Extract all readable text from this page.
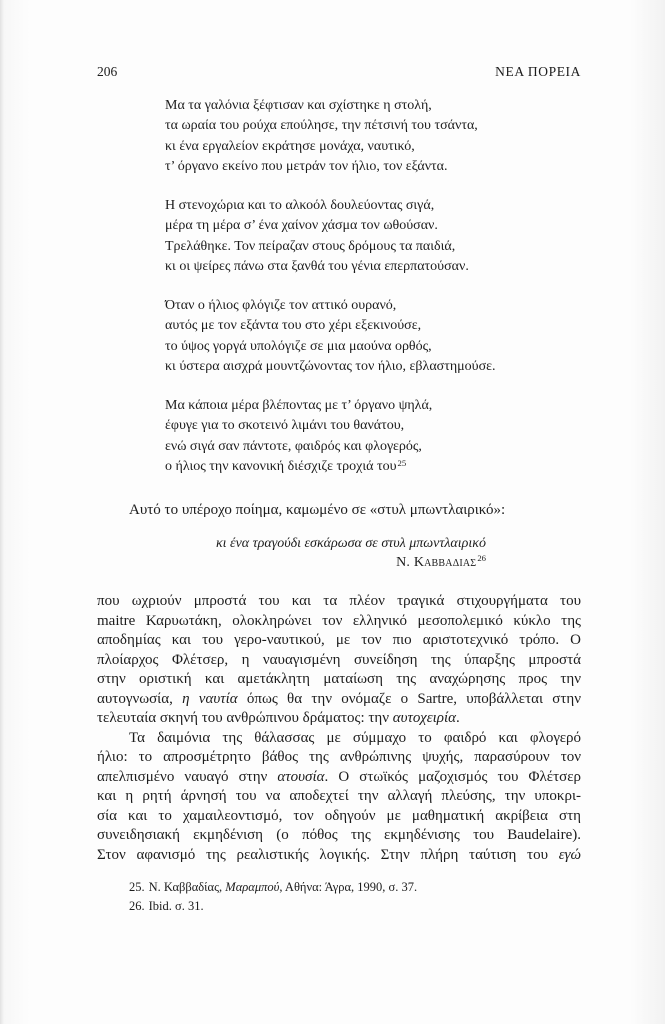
206	ΝΕΑ ΠΟΡΕΙΑ
Μα τα γαλόνια ξέφτισαν και σχίστηκε η στολή,
τα ωραία του ρούχα επούλησε, την πέτσινή του τσάντα,
κι ένα εργαλείον εκράτησε μονάχα, ναυτικό,
τ’ όργανο εκείνο που μετράν τον ήλιο, τον εξάντα.
Η στενοχώρια και το αλκοόλ δουλεύοντας σιγά,
μέρα τη μέρα σ’ ένα χαίνον χάσμα τον ωθούσαν.
Τρελάθηκε. Τον πείραζαν στους δρόμους τα παιδιά,
κι οι ψείρες πάνω στα ξανθά του γένια επερπατούσαν.
Όταν ο ήλιος φλόγιζε τον αττικό ουρανό,
αυτός με τον εξάντα του στο χέρι εξεκινούσε,
το ύψος γοργά υπολόγιζε σε μια μαούνα ορθός,
κι ύστερα αισχρά μουντζώνοντας τον ήλιο, εβλαστημούσε.
Μα κάποια μέρα βλέποντας με τ’ όργανο ψηλά,
έφυγε για το σκοτεινό λιμάνι του θανάτου,
ενώ σιγά σαν πάντοτε, φαιδρός και φλογερός,
ο ήλιος την κανονική διέσχιζε τροχιά του$^{25}$
Αυτό το υπέροχο ποίημα, καμωμένο σε «στυλ μπωντλαιρικό»:
κι ένα τραγούδι εσκάρωσα σε στυλ μπωντλαιρικό
Ν. Καββαδίας$^{26}$
που ωχριούν μπροστά του και τα πλέον τραγικά στιχουργήματα του
maitre Καρυωτάκη, ολοκληρώνει τον ελληνικό μεσοπολεμικό κύκλο της
αποδημίας και του γερο-ναυτικού, με τον πιο αριστοτεχνικό τρόπο. Ο
πλοίαρχος Φλέτσερ, η ναυαγισμένη συνείδηση της ύπαρξης μπροστά
στην οριστική και αμετάκλητη ματαίωση της αναχώρησης προς την
αυτογνωσία, η ναυτία όπως θα την ονόμαζε ο Sartre, υποβάλλεται στην
τελευταία σκηνή του ανθρώπινου δράματος: την αυτοχειρία.
Τα δαιμόνια της θάλασσας με σύμμαχο το φαιδρό και φλογερό
ήλιο: το απροσμέτρητο βάθος της ανθρώπινης ψυχής, παρασύρουν τον
απελπισμένο ναυαγό στην ατουσία. Ο στωϊκός μαζοχισμός του Φλέτσερ
και η ρητή άρνησή του να αποδεχτεί την αλλαγή πλεύσης, την υποκρι-
σία και το χαμαιλεοντισμό, τον οδηγούν με μαθηματική ακρίβεια στη
συνειδησιακή εκμηδένιση (ο πόθος της εκμηδένισης του Baudelaire).
Στον αφανισμό της ρεαλιστικής λογικής. Στην πλήρη ταύτιση του εγώ
25. Ν. Καββαδίας, Μαραμπού, Αθήνα: Άγρα, 1990, σ. 37.
26. Ibid. σ. 31.
